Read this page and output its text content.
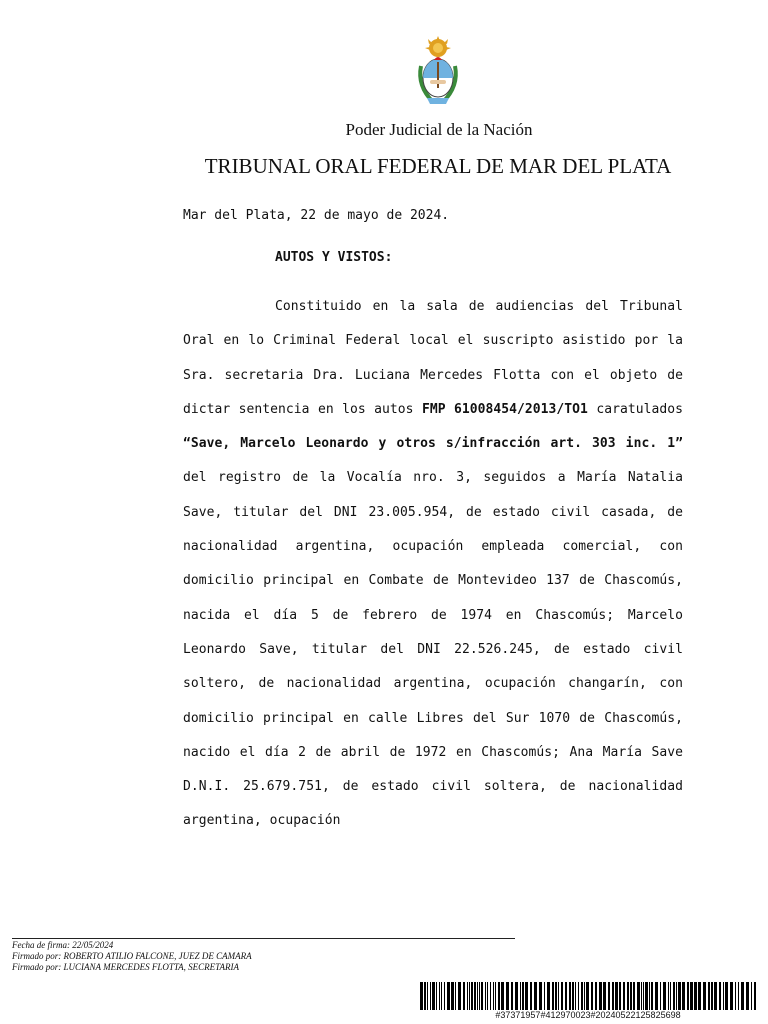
Poder Judicial de la Nación
TRIBUNAL ORAL FEDERAL DE MAR DEL PLATA
Mar del Plata, 22 de mayo de 2024.
AUTOS Y VISTOS:
Constituido en la sala de audiencias del Tribunal Oral en lo Criminal Federal local el suscripto asistido por la Sra. secretaria Dra. Luciana Mercedes Flotta con el objeto de dictar sentencia en los autos FMP 61008454/2013/TO1 caratulados “Save, Marcelo Leonardo y otros s/infracción art. 303 inc. 1” del registro de la Vocalía nro. 3, seguidos a María Natalia Save, titular del DNI 23.005.954, de estado civil casada, de nacionalidad argentina, ocupación empleada comercial, con domicilio principal en Combate de Montevideo 137 de Chascomús, nacida el día 5 de febrero de 1974 en Chascomús; Marcelo Leonardo Save, titular del DNI 22.526.245, de estado civil soltero, de nacionalidad argentina, ocupación changarín, con domicilio principal en calle Libres del Sur 1070 de Chascomús, nacido el día 2 de abril de 1972 en Chascomús; Ana María Save D.N.I. 25.679.751, de estado civil soltera, de nacionalidad argentina, ocupación
Fecha de firma: 22/05/2024
Firmado por: ROBERTO ATILIO FALCONE, JUEZ DE CAMARA
Firmado por: LUCIANA MERCEDES FLOTTA, SECRETARIA
#37371957#412970023#20240522125825698
